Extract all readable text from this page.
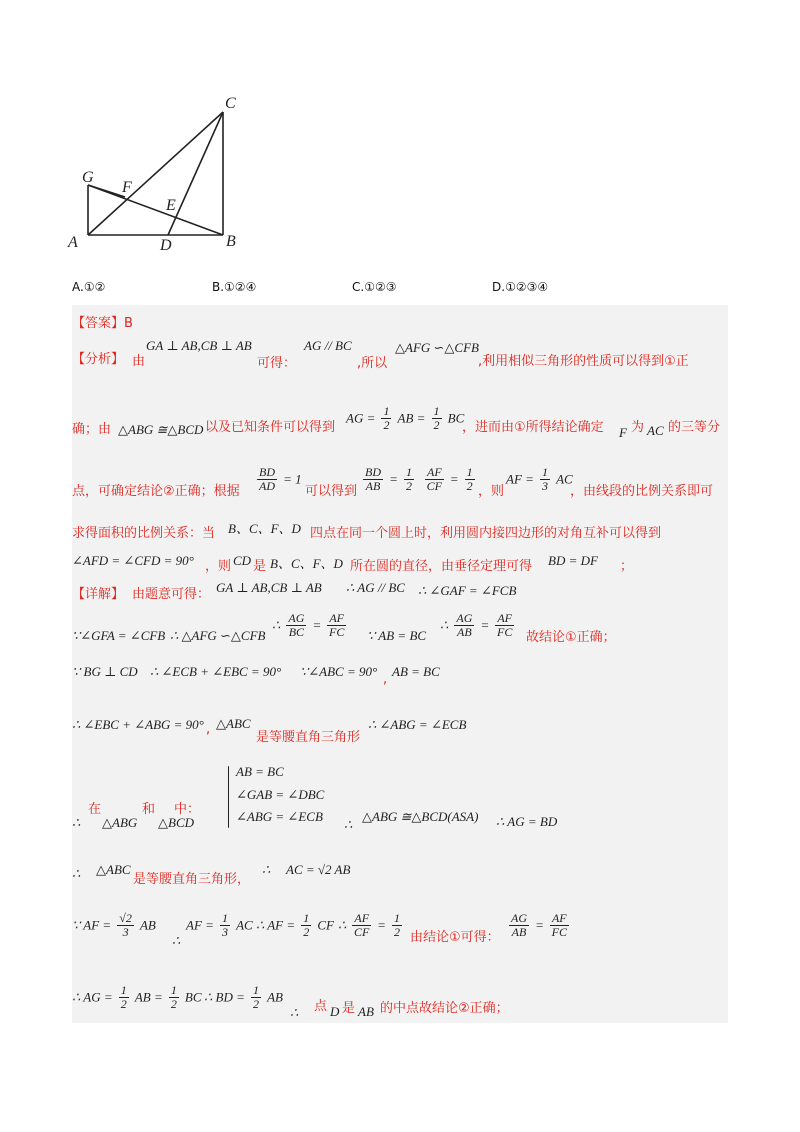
C
G
F
E
A	D	B
A.①②	B.①②④	C.①②③	D.①②③④
【答案】B
【分析】 由
GA ⊥ AB,CB ⊥ AB
可得：
AG // BC
,所以
△AFG ∽△CFB
,利用相似三角形的性质可以得到①正
确；由 △ABG ≅△BCD 以及已知条件可以得到
AG = $\frac{1}{2}$ AB = $\frac{1}{2}$ BC
，进而由①所得结论确定 F 为 AC 的三等分
点，可确定结论②正确；根据 $\frac{BD}{AD} = 1$
可以得到 $\frac{BD}{AB} = \frac{1}{2} \frac{AF}{CF} = \frac{1}{2}$ ，则
AF = $\frac{1}{3}$ AC
，由线段的比例关系即可
求得面积的比例关系：当 B、C、F、D 四点在同一个圆上时，利用圆内接四边形的对角互补可以得到
∠AFD = ∠CFD = 90° ，则 CD 是 B、C、F、D 所在圆的直径，由垂径定理可得 BD = DF ；
【详解】 由题意可得： GA ⊥ AB,CB ⊥ AB ∴ AG // BC ∴ ∠GAF = ∠FCB
∵∠GFA = ∠CFB ∴ △AFG ∽△CFB
∴ $\frac{AG}{BC} = \frac{AF}{FC}$ ∵ AB = BC
∴ $\frac{AG}{AB} = \frac{AF}{FC}$ 故结论①正确；
∵ BG ⊥ CD ∴ ∠ECB + ∠EBC = 90° ∵∠ABC = 90°
,
AB = BC
∴ ∠EBC + ∠ABG = 90° , △ABC
是等腰直角三角形
∴ ∠ABG = ∠ECB
在	和 中：
∴ △ABG △BCD
AB = BC
∠GAB = ∠DBC
∠ABG = ∠ECB
∴
△ABG ≅△BCD(ASA) ∴ AG = BD
∴ △ABC
是等腰直角三角形，
∴ AC = √2 AB
∵ AF = $\frac{√2}{3}$ AB
∴
AF = $\frac{1}{3}$ AC ∴ AF = $\frac{1}{2}$ CF ∴ $\frac{AF}{CF} = \frac{1}{2}$ 由结论①可得： $\frac{AG}{AB} = \frac{AF}{FC}$
∴ AG = $\frac{1}{2}$ AB = $\frac{1}{2}$ BC ∴ BD = $\frac{1}{2}$ AB
∴ 点 D 是 AB 的中点故结论②正确；
